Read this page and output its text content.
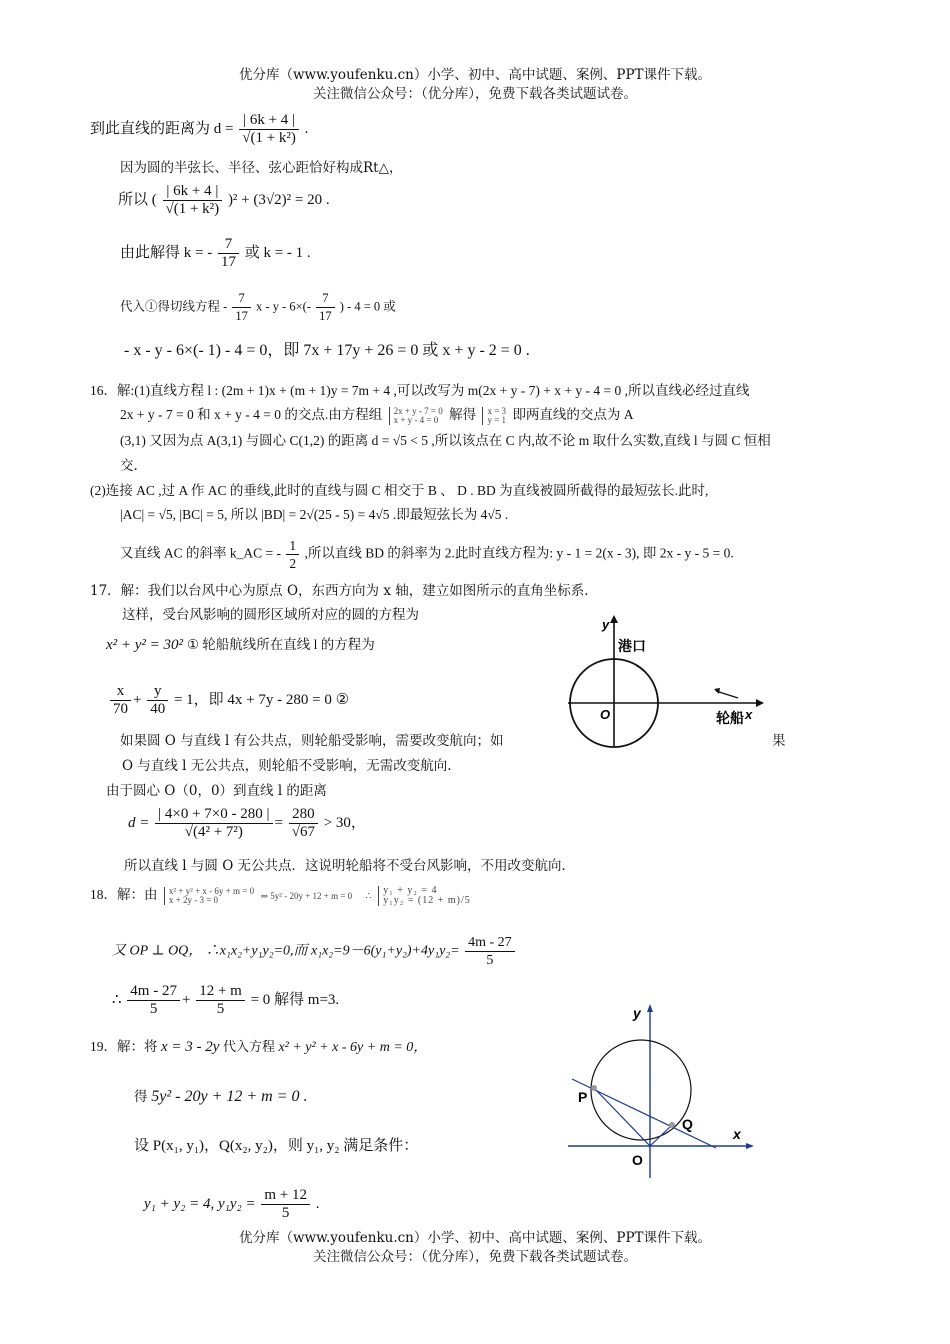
优分库（www.youfenku.cn）小学、初中、高中试题、案例、PPT课件下载。
关注微信公众号：（优分库），免费下载各类试题试卷。
到此直线的距离为 $d = \frac{| 6k + 4 |}{\text{√(1 + k²)}}$ .
因为圆的半弦长、半径、弦心距恰好构成Rt△，
所以 ( $\frac{| 6k + 4 |}{\text{√(1 + k²)}} )^2 + (3√2)^2 = 20$ .
由此解得 k = - $\frac{7}{17}$ 或 k = - 1 .
代入①得切线方程 - $\frac{7}{17}$ $x - y - 6\times(- \frac{7}{17}$ ) - 4 = 0 或
- x - y - 6×(- 1) - 4 = 0，即 7x + 17y + 26 = 0 或 x + y - 2 = 0 .
16．解:(1)直线方程 l : (2m + 1)x + (m + 1)y = 7m + 4 ,可以改写为 m(2x + y - 7) + x + y - 4 = 0 ,所以直线必经过直线
2x + y - 7 = 0 和 x + y - 4 = 0 的交点.由方程组 2x + y - 7 = 0
x + y - 4 = 0 解得 x = 3
y = 1 即两直线的交点为 A
(3,1) 又因为点 A(3,1) 与圆心 C(1,2) 的距离 d = √5 < 5 ,所以该点在 C 内,故不论 m 取什么实数,直线 l 与圆 C 恒相
交.
(2)连接 AC ,过 A 作 AC 的垂线,此时的直线与圆 C 相交于 B 、 D . BD 为直线被圆所截得的最短弦长.此时,
|AC| = √5, |BC| = 5, 所以 |BD| = 2√(25 - 5) = 4√5 .即最短弦长为 4√5 .
又直线 AC 的斜率 k_AC = - $\frac{1}{2}$ ,所以直线 BD 的斜率为 2.此时直线方程为: y - 1 = 2(x - 3), 即 2x - y - 5 = 0.
17．解：我们以台风中心为原点 O，东西方向为 x 轴，建立如图所示的直角坐标系．
这样，受台风影响的圆形区域所对应的圆的方程为
x² + y² = 30² ① 轮船航线所在直线 l 的方程为
$\frac{x}{70} + \frac{y}{40} = 1$，即 4x + 7y - 280 = 0 ②
如果圆 O 与直线 l 有公共点，则轮船受影响，需要改变航向；如	果
O 与直线 l 无公共点，则轮船不受影响，无需改变航向.
由于圆心 O（0，0）到直线 l 的距离
$d = \frac{| 4\times 0 + 7\times 0 - 280 |}{\text{√(4² + 7²)}} = \frac{280}{√67} > 30$，
所以直线 l 与圆 O 无公共点．这说明轮船将不受台风影响，不用改变航向．
y
港口
O	轮船 x
18．解：由 x² + y² + x - 6y + m = 0
x + 2y - 3 = 0	⇒ 5y² - 20y + 12 + m = 0 ∴
y₁ + y₂ = 4
y₁y₂ = (12 + m)/5
又 OP ⊥ OQ， ∴x₁x₂+y₁y₂=0,而 $x_1x_2=9-6(y_1+y_2)+4y_1y_2= \frac{4m - 27}{5}$
∴ $\frac{4m - 27}{5} + \frac{12 + m}{5} = 0$ 解得 m=3.
19．解：将 x = 3 - 2y 代入方程 x² + y² + x - 6y + m = 0，
得 5y² - 20y + 12 + m = 0 .
设 P(x₁, y₁)，Q(x₂, y₂)，则 y₁, y₂ 满足条件：
y₁ + y₂ = 4, $y_1y_2 = \frac{m + 12}{5}$ .
y
P
Q
x
O
优分库（www.youfenku.cn）小学、初中、高中试题、案例、PPT课件下载。
关注微信公众号：（优分库），免费下载各类试题试卷。
